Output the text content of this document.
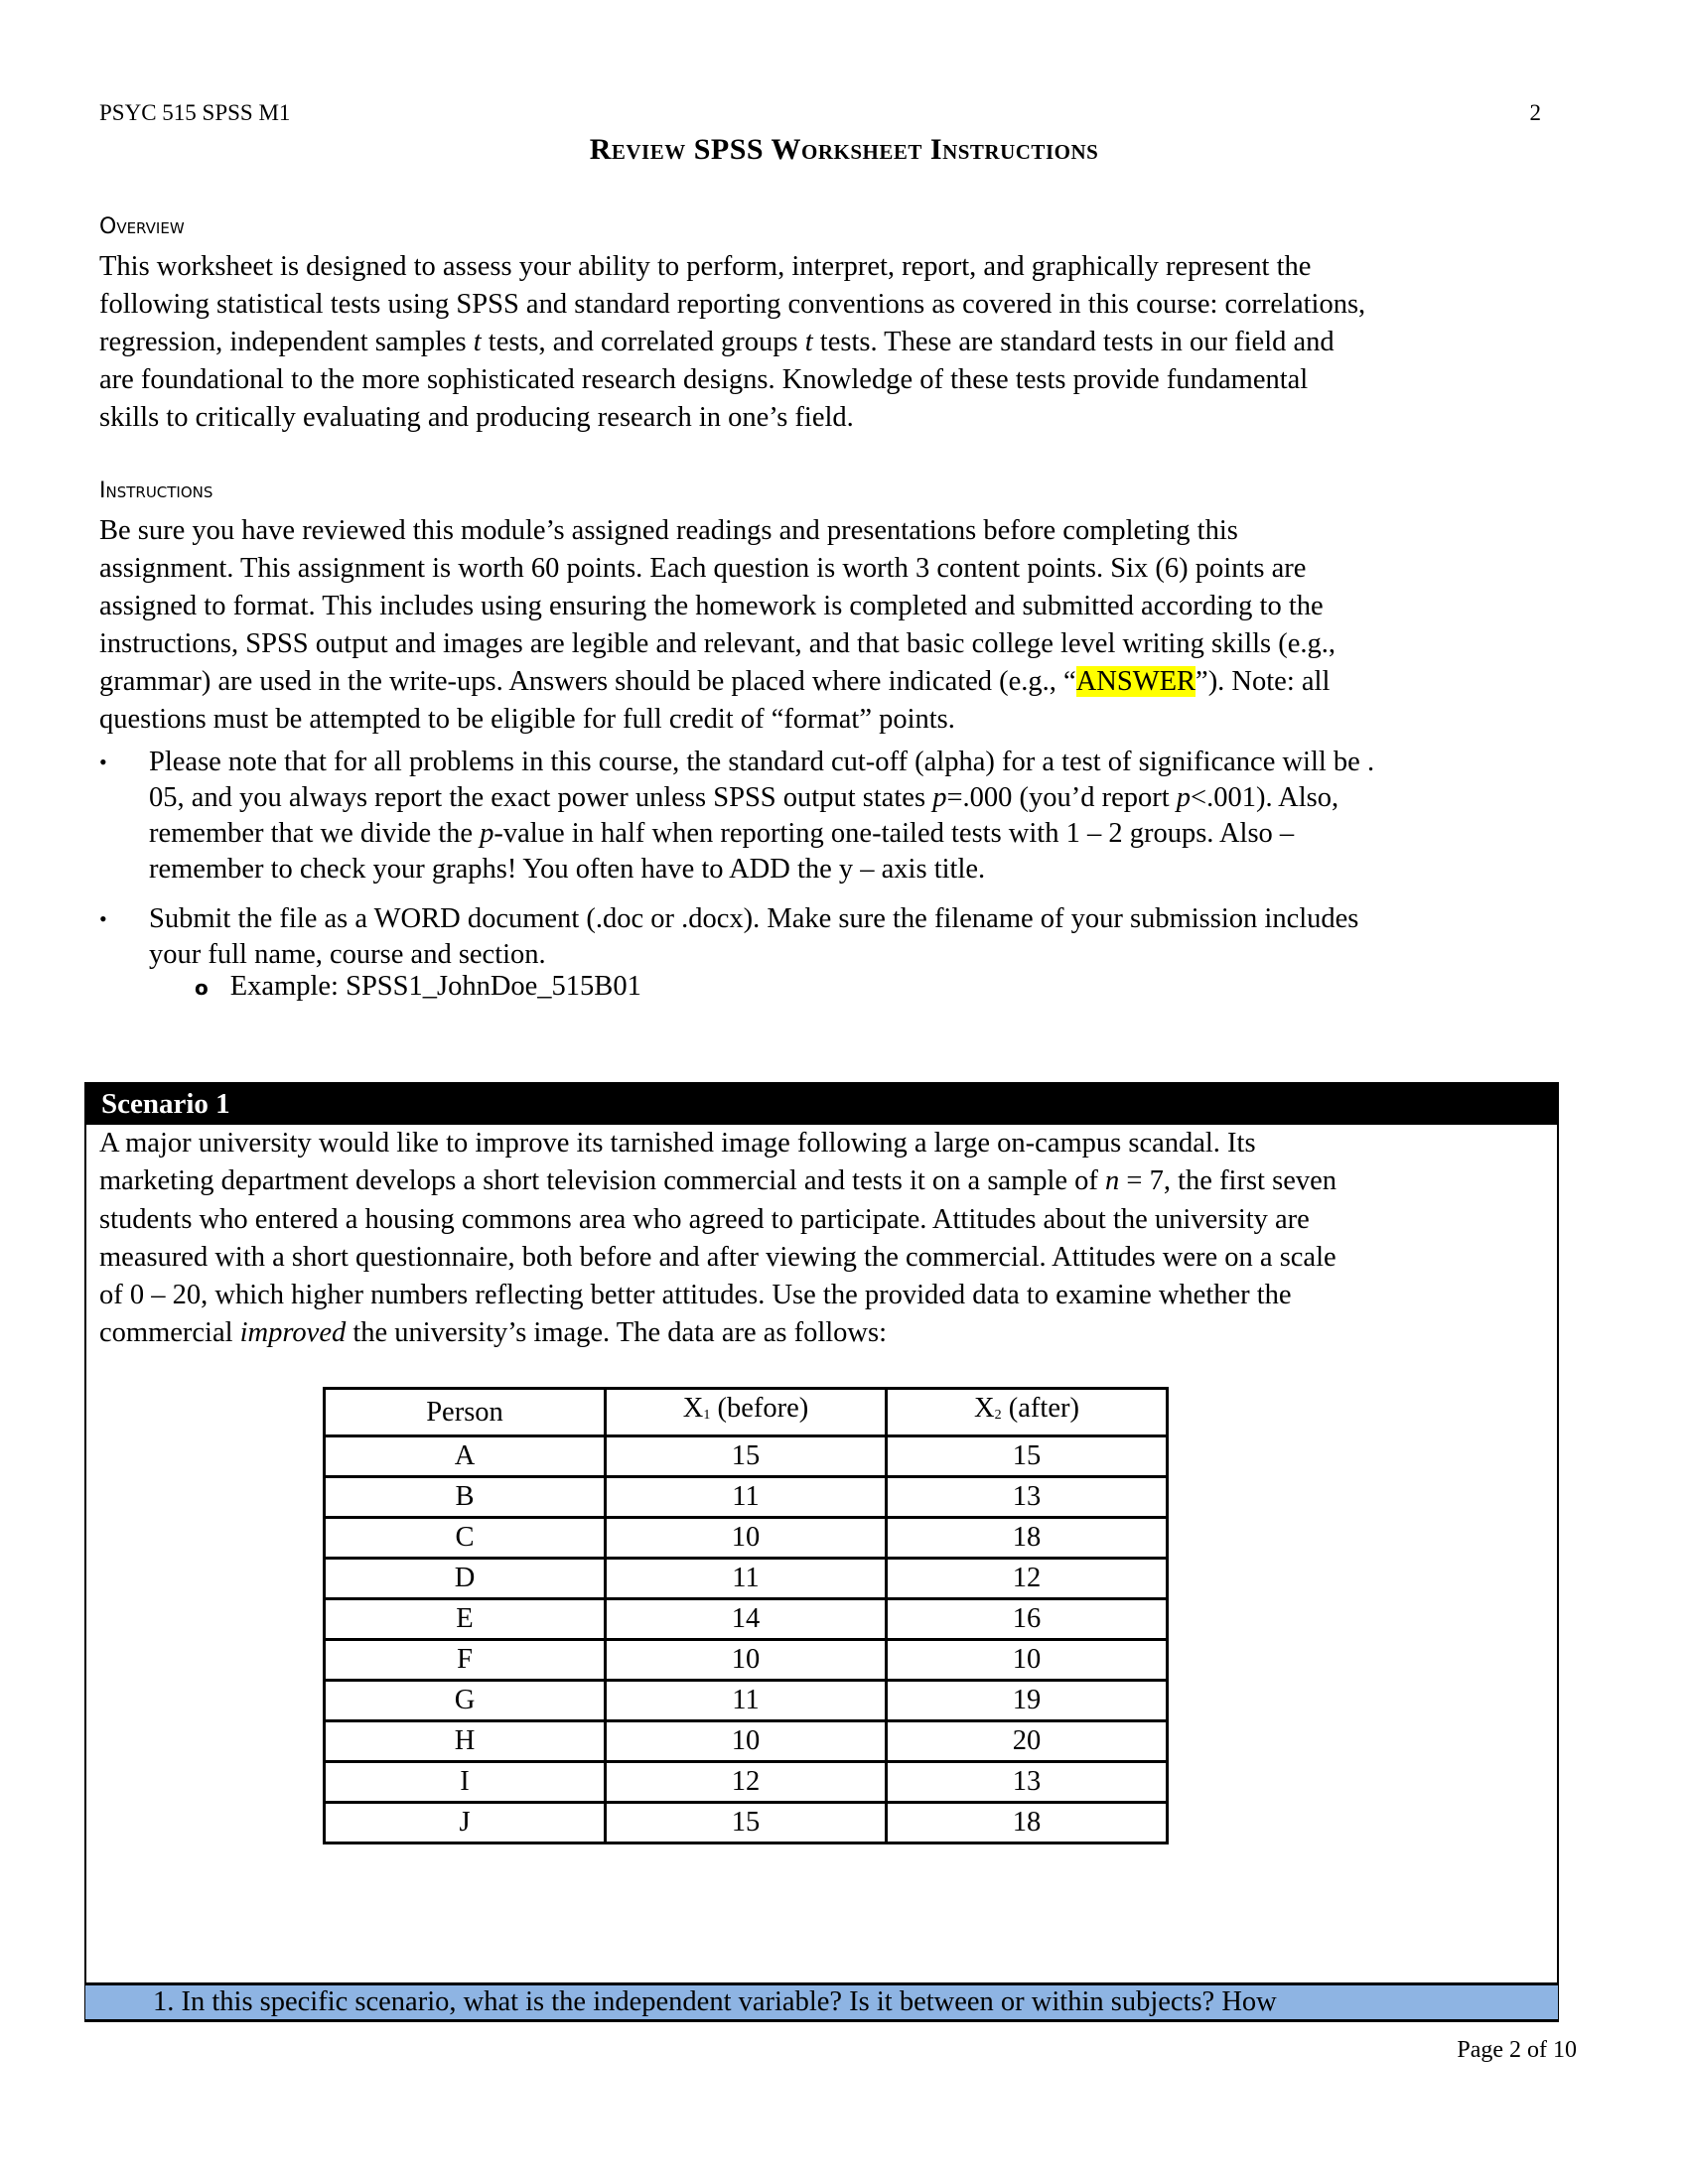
PSYC 515 SPSS M1	2
Review SPSS Worksheet Instructions
Overview
This worksheet is designed to assess your ability to perform, interpret, report, and graphically represent the
following statistical tests using SPSS and standard reporting conventions as covered in this course: correlations,
regression, independent samples t tests, and correlated groups t tests. These are standard tests in our field and
are foundational to the more sophisticated research designs. Knowledge of these tests provide fundamental
skills to critically evaluating and producing research in one’s field.
Instructions
Be sure you have reviewed this module’s assigned readings and presentations before completing this
assignment. This assignment is worth 60 points. Each question is worth 3 content points. Six (6) points are
assigned to format. This includes using ensuring the homework is completed and submitted according to the
instructions, SPSS output and images are legible and relevant, and that basic college level writing skills (e.g.,
grammar) are used in the write-ups. Answers should be placed where indicated (e.g., “ANSWER”). Note: all
questions must be attempted to be eligible for full credit of “format” points.
•	Please note that for all problems in this course, the standard cut-off (alpha) for a test of significance will be .
05, and you always report the exact power unless SPSS output states p=.000 (you’d report p<.001). Also,
remember that we divide the p-value in half when reporting one-tailed tests with 1 – 2 groups. Also –
remember to check your graphs! You often have to ADD the y – axis title.
•	Submit the file as a WORD document (.doc or .docx). Make sure the filename of your submission includes
your full name, course and section.
o Example: SPSS1_JohnDoe_515B01
Scenario 1
A major university would like to improve its tarnished image following a large on-campus scandal. Its
marketing department develops a short television commercial and tests it on a sample of n = 7, the first seven
students who entered a housing commons area who agreed to participate. Attitudes about the university are
measured with a short questionnaire, both before and after viewing the commercial. Attitudes were on a scale
of 0 – 20, which higher numbers reflecting better attitudes. Use the provided data to examine whether the
commercial improved the university’s image. The data are as follows:
Person	$X_1$ (before)	$X_2$ (after)
A	15	15
B	11	13
C	10	18
D	11	12
E	14	16
F	10	10
G	11	19
H	10	20
I	12	13
J	15	18
1. In this specific scenario, what is the independent variable? Is it between or within subjects? How
Page 2 of 10
